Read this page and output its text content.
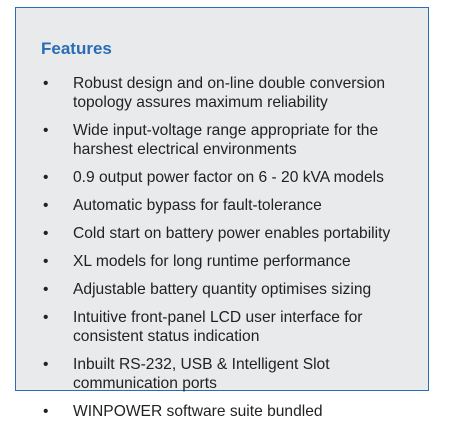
Features
• Robust design and on-line double conversion topology assures maximum reliability
• Wide input-voltage range appropriate for the harshest electrical environments
• 0.9 output power factor on 6 - 20 kVA models
• Automatic bypass for fault-tolerance
• Cold start on battery power enables portability
• XL models for long runtime performance
• Adjustable battery quantity optimises sizing
• Intuitive front-panel LCD user interface for consistent status indication
• Inbuilt RS-232, USB & Intelligent Slot communication ports
• WINPOWER software suite bundled
